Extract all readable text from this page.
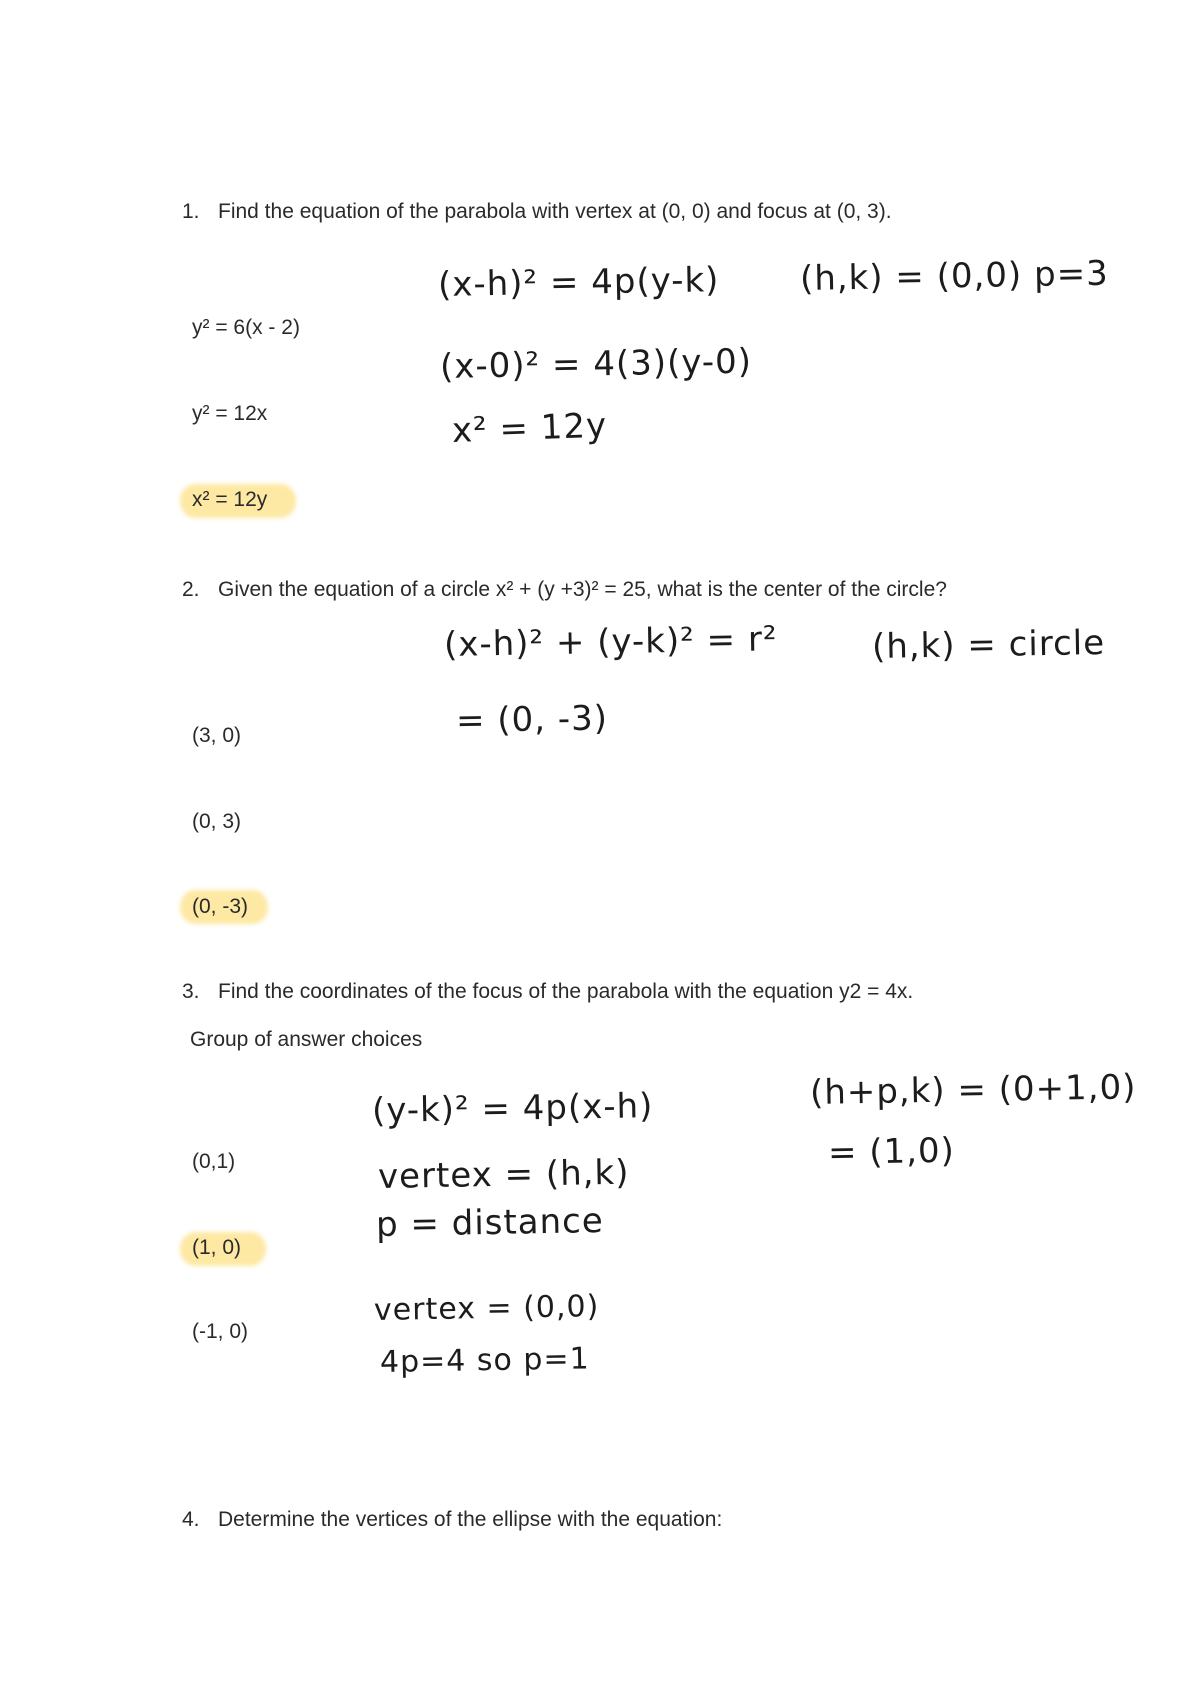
1. Find the equation of the parabola with vertex at (0, 0) and focus at (0, 3).
y² = 6(x - 2)
y² = 12x
x² = 12y
(x-h)² = 4p(y-k) (h,k) = (0,0) p=3
(x-0)² = 4(3)(y-0)
x² = 12y
2. Given the equation of a circle x² + (y +3)² = 25, what is the center of the circle?
(3, 0)
(0, 3)
(0, -3)
(x-h)² + (y-k)² = r²	(h,k) = circle
= (0, -3)
3. Find the coordinates of the focus of the parabola with the equation y2 = 4x.
Group of answer choices
(0,1)
(1, 0)
(-1, 0)
(y-k)² = 4p(x-h)
vertex = (h,k)
p = distance
vertex = (0,0)
4p=4 so p=1
(h+p,k) = (0+1,0)
= (1,0)
4. Determine the vertices of the ellipse with the equation:
